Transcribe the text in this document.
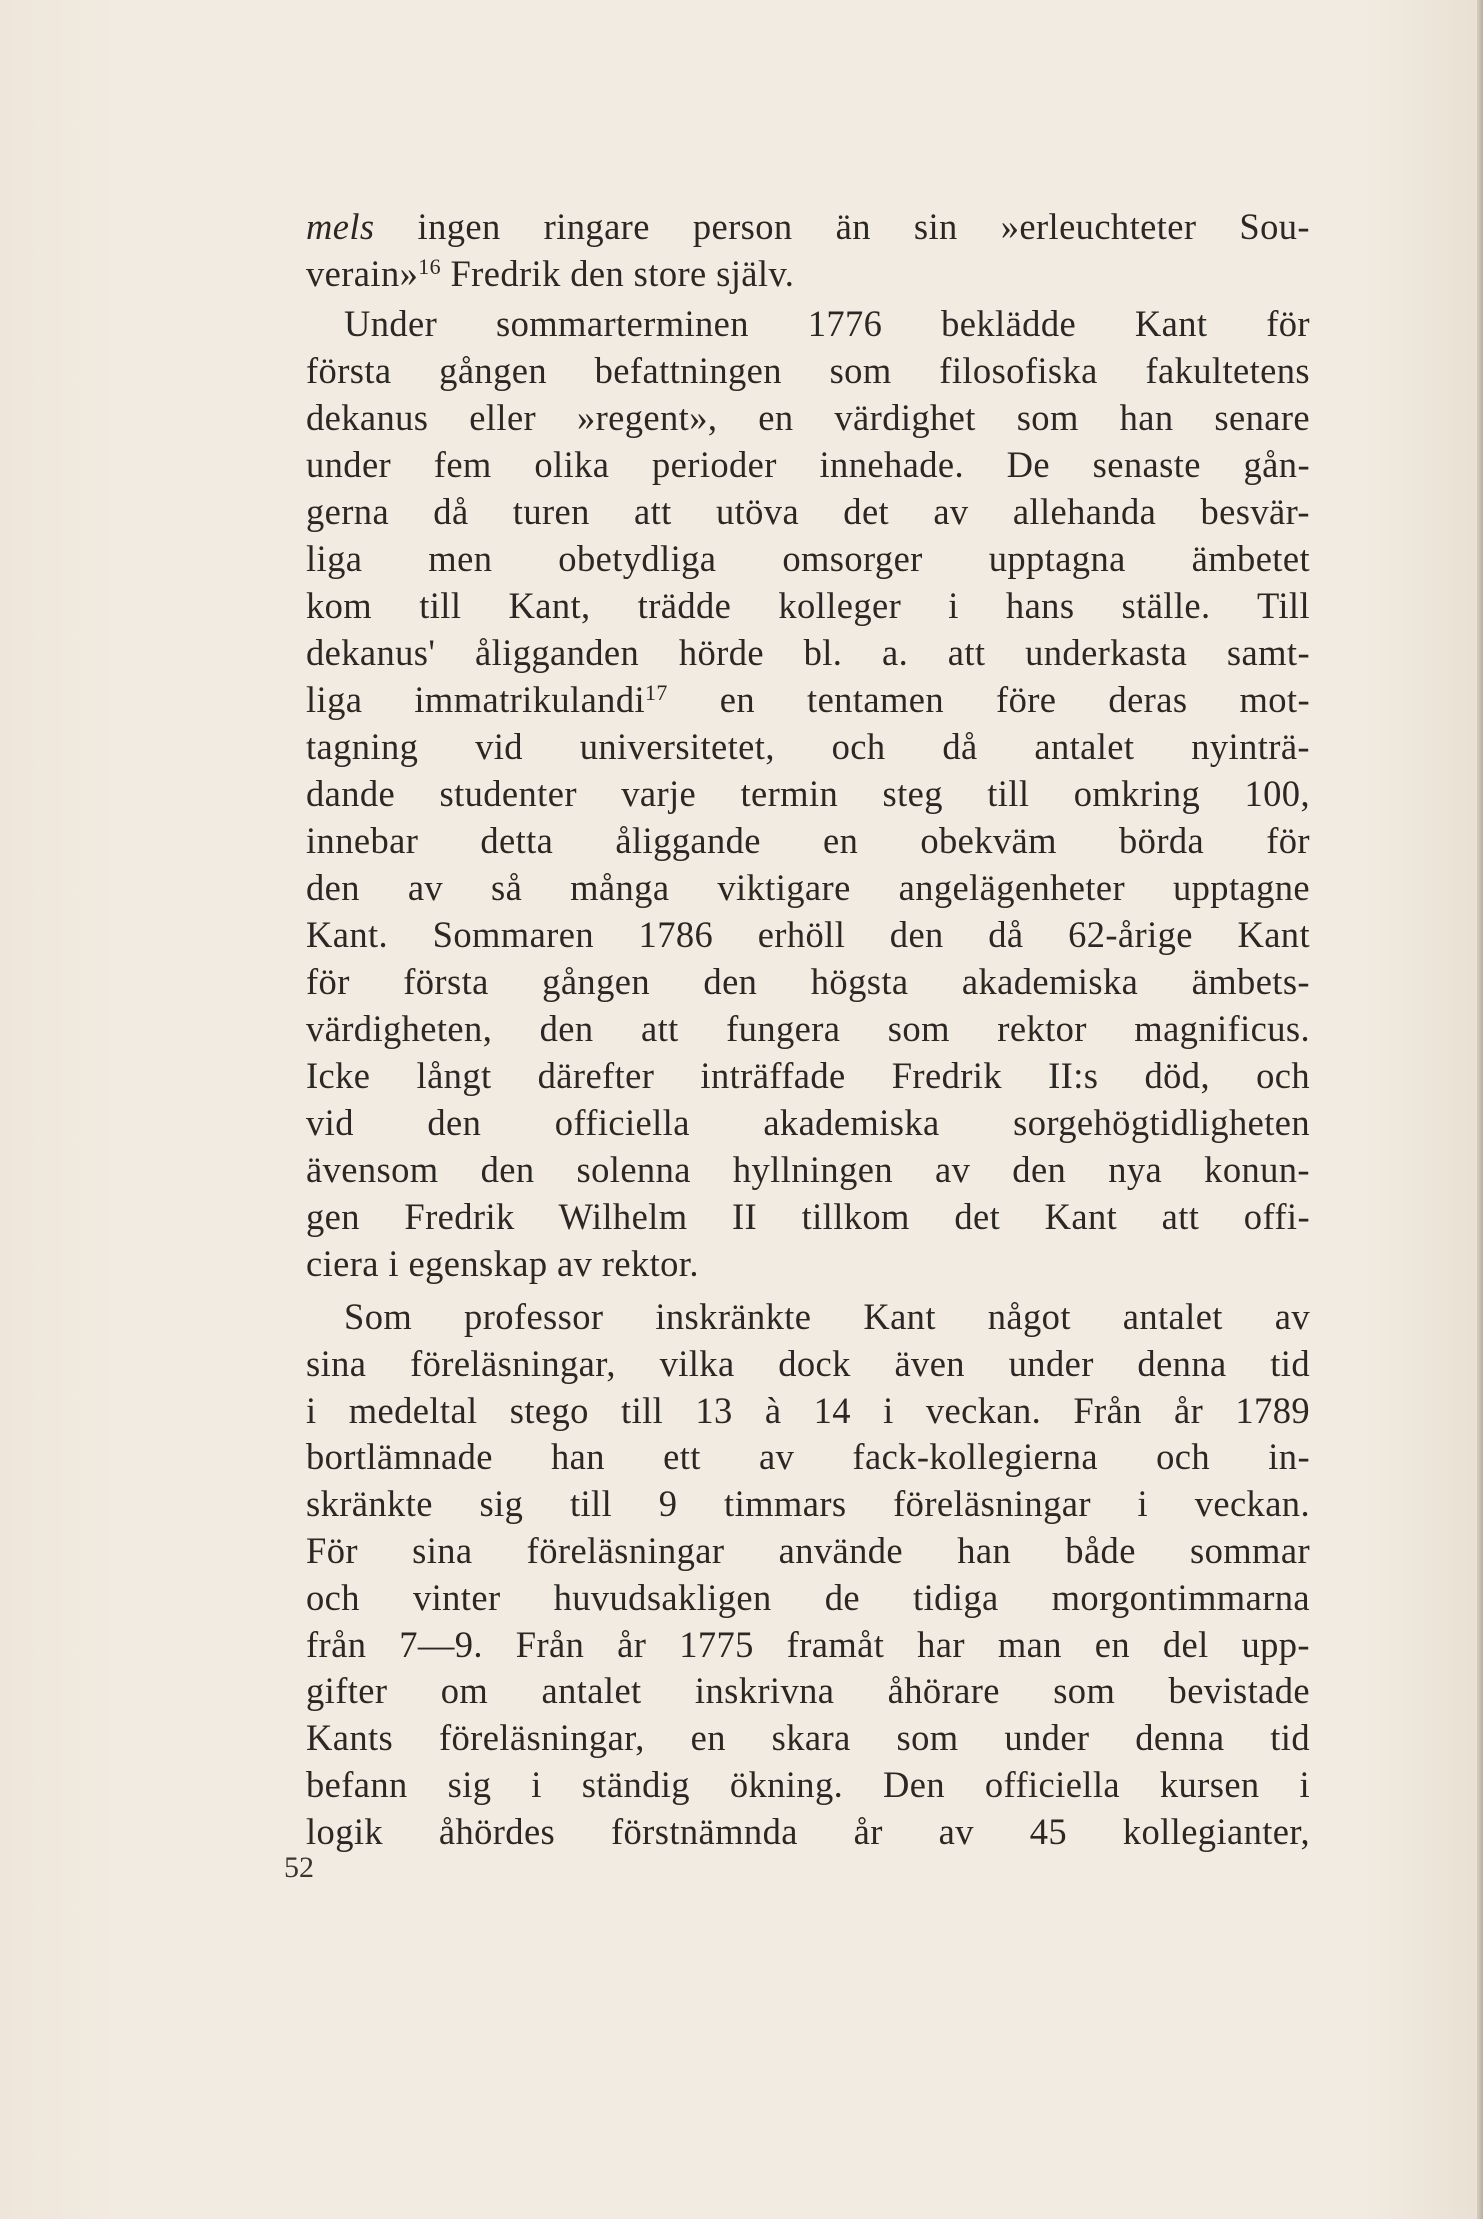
mels ingen ringare person än sin »erleuchteter Sou-
verain»$^{16}$ Fredrik den store själv.
Under sommarterminen 1776 beklädde Kant för
första gången befattningen som filosofiska fakultetens
dekanus eller »regent», en värdighet som han senare
under fem olika perioder innehade. De senaste gån-
gerna då turen att utöva det av allehanda besvär-
liga men obetydliga omsorger upptagna ämbetet
kom till Kant, trädde kolleger i hans ställe. Till
dekanus' åligganden hörde bl. a. att underkasta samt-
liga immatrikulandi$^{17}$ en tentamen före deras mot-
tagning vid universitetet, och då antalet nyinträ-
dande studenter varje termin steg till omkring 100,
innebar detta åliggande en obekväm börda för
den av så många viktigare angelägenheter upptagne
Kant. Sommaren 1786 erhöll den då 62-årige Kant
för första gången den högsta akademiska ämbets-
värdigheten, den att fungera som rektor magnificus.
Icke långt därefter inträffade Fredrik II:s död, och
vid den officiella akademiska sorgehögtidligheten
ävensom den solenna hyllningen av den nya konun-
gen Fredrik Wilhelm II tillkom det Kant att offi-
ciera i egenskap av rektor.
Som professor inskränkte Kant något antalet av
sina föreläsningar, vilka dock även under denna tid
i medeltal stego till 13 à 14 i veckan. Från år 1789
bortlämnade han ett av fack-kollegierna och in-
skränkte sig till 9 timmars föreläsningar i veckan.
För sina föreläsningar använde han både sommar
och vinter huvudsakligen de tidiga morgontimmarna
från 7—9. Från år 1775 framåt har man en del upp-
gifter om antalet inskrivna åhörare som bevistade
Kants föreläsningar, en skara som under denna tid
befann sig i ständig ökning. Den officiella kursen i
logik åhördes förstnämnda år av 45 kollegianter,
52
